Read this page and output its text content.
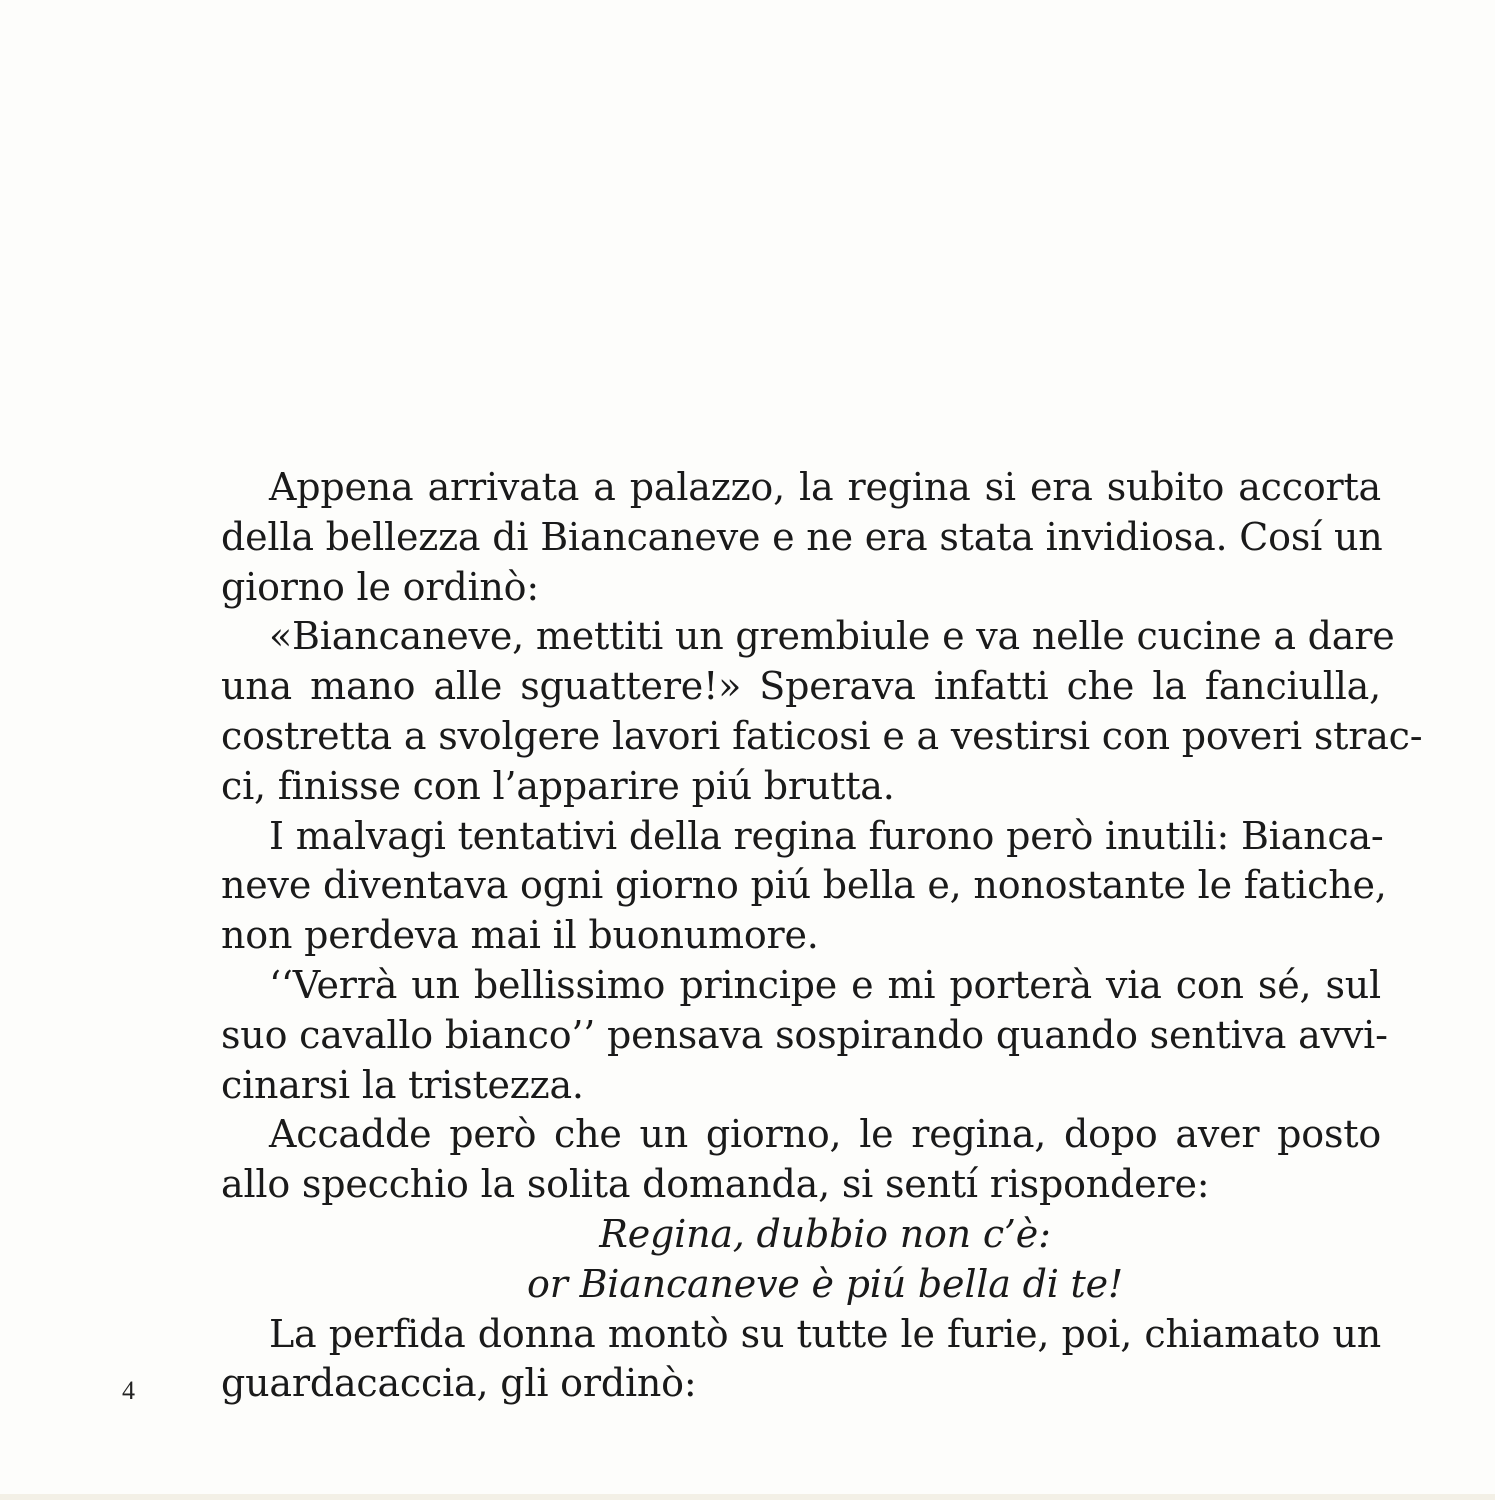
Appena arrivata a palazzo, la regina si era subito accorta
della bellezza di Biancaneve e ne era stata invidiosa. Cosí un
giorno le ordinò:
«Biancaneve, mettiti un grembiule e va nelle cucine a dare
una mano alle sguattere!» Sperava infatti che la fanciulla,
costretta a svolgere lavori faticosi e a vestirsi con poveri strac-
ci, finisse con l’apparire piú brutta.
I malvagi tentativi della regina furono però inutili: Bianca-
neve diventava ogni giorno piú bella e, nonostante le fatiche,
non perdeva mai il buonumore.
‘‘Verrà un bellissimo principe e mi porterà via con sé, sul
suo cavallo bianco’’ pensava sospirando quando sentiva avvi-
cinarsi la tristezza.
Accadde però che un giorno, le regina, dopo aver posto
allo specchio la solita domanda, si sentí rispondere:
Regina, dubbio non c’è:
or Biancaneve è piú bella di te!
La perfida donna montò su tutte le furie, poi, chiamato un
guardacaccia, gli ordinò:
4
